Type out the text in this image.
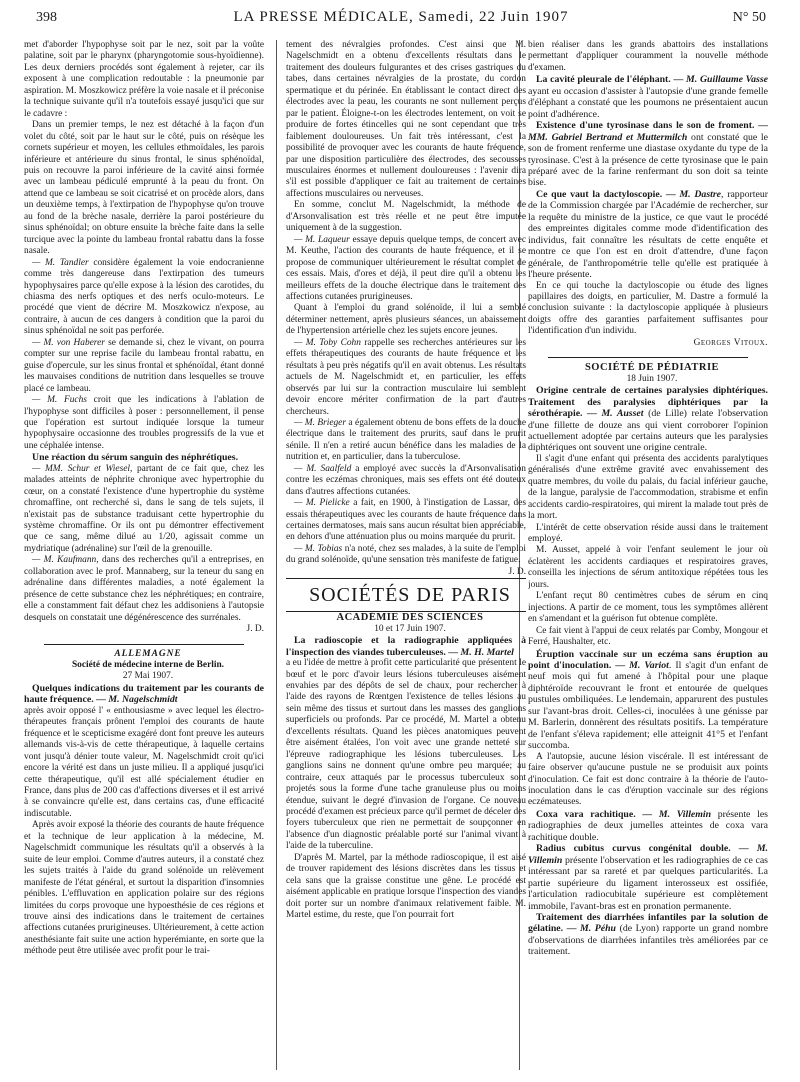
398	LA PRESSE MÉDICALE, Samedi, 22 Juin 1907	N° 50

met d'aborder l'hypophyse soit par le nez, soit par la voûte palatine, soit par le pharynx (pharyngotomie sous-hyoïdienne). Les deux derniers procédés sont également à rejeter, car ils exposent à une complication redoutable : la pneumonie par aspiration. M. Moszkowicz préfère la voie nasale et il préconise la technique suivante qu'il n'a toutefois essayé jusqu'ici que sur le cadavre :

Dans un premier temps, le nez est détaché à la façon d'un volet du côté, soit par le haut sur le côté, puis on résèque les cornets supérieur et moyen, les cellules ethmoïdales, les parois inférieure et antérieure du sinus frontal, le sinus sphénoïdal, puis on recouvre la paroi inférieure de la cavité ainsi formée avec un lambeau pédiculé emprunté à la peau du front. On attend que ce lambeau se soit cicatrisé et on procède alors, dans un deuxième temps, à l'extirpation de l'hypophyse qu'on trouve au fond de la brèche nasale, derrière la paroi postérieure du sinus sphénoïdal; on obture ensuite la brèche faite dans la selle turcique avec la pointe du lambeau frontal rabattu dans la fosse nasale.

— M. Tandler considère également la voie endocranienne comme très dangereuse dans l'extirpation des tumeurs hypophysaires parce qu'elle expose à la lésion des carotides, du chiasma des nerfs optiques et des nerfs oculo-moteurs. Le procédé que vient de décrire M. Moszkowicz n'expose, au contraire, à aucun de ces dangers à condition que la paroi du sinus sphénoïdal ne soit pas perforée.

— M. von Haberer se demande si, chez le vivant, on pourra compter sur une reprise facile du lambeau frontal rabattu, en guise d'opercule, sur les sinus frontal et sphénoïdal, étant donné les mauvaises conditions de nutrition dans lesquelles se trouve placé ce lambeau.

— M. Fuchs croit que les indications à l'ablation de l'hypophyse sont difficiles à poser : personnellement, il pense que l'opération est surtout indiquée lorsque la tumeur hypophysaire occasionne des troubles progressifs de la vue et une céphalée intense.

Une réaction du sérum sanguin des néphrétiques.

— MM. Schur et Wiesel, partant de ce fait que, chez les malades atteints de néphrite chronique avec hypertrophie du cœur, on a constaté l'existence d'une hypertrophie du système chromaffine, ont recherché si, dans le sang de tels sujets, il n'existait pas de substance traduisant cette hypertrophie du système chromaffine. Or ils ont pu démontrer effectivement que ce sang, même dilué au 1/20, agissait comme un mydriatique (adrénaline) sur l'œil de la grenouille.

— M. Kaufmann, dans des recherches qu'il a entreprises, en collaboration avec le prof. Mannaberg, sur la teneur du sang en adrénaline dans différentes maladies, a noté également la présence de cette substance chez les néphrétiques; en contraire, elle a constamment fait défaut chez les addisoniens à l'autopsie desquels on constatait une dégénérescence des surrénales.

J. D.

ALLEMAGNE

Société de médecine interne de Berlin.

27 Mai 1907.

Quelques indications du traitement par les courants de haute fréquence. — M. Nagelschmidt

après avoir opposé l' « enthousiasme » avec lequel les électro-thérapeutes français prônent l'emploi des courants de haute fréquence et le scepticisme exagéré dont font preuve les auteurs allemands vis-à-vis de cette thérapeutique, à laquelle certains vont jusqu'à dénier toute valeur, M. Nagelschmidt croit qu'ici encore la vérité est dans un juste milieu. Il a appliqué jusqu'ici cette thérapeutique, qu'il est allé spécialement étudier en France, dans plus de 200 cas d'affections diverses et il est arrivé à se convaincre qu'elle est, dans certains cas, d'une efficacité indiscutable.

Après avoir exposé la théorie des courants de haute fréquence et la technique de leur application à la médecine, M. Nagelschmidt communique les résultats qu'il a observés à la suite de leur emploi. Comme d'autres auteurs, il a constaté chez les sujets traités à l'aide du grand solénoïde un relèvement manifeste de l'état général, et surtout la disparition d'insomnies pénibles. L'effluvation en application polaire sur des régions limitées du corps provoque une hypoesthésie de ces régions et trouve ainsi des indications dans le traitement de certaines affections cutanées prurigineuses. Ultérieurement, à cette action anesthésiante fait suite une action hyperémiante, en sorte que la méthode peut être utilisée avec profit pour le trai-

tement des névralgies profondes. C'est ainsi que M. Nagelschmidt en a obtenu d'excellents résultats dans le traitement des douleurs fulgurantes et des crises gastriques du tabes, dans certaines névralgies de la prostate, du cordon spermatique et du périnée. En établissant le contact direct des électrodes avec la peau, les courants ne sont nullement perçus par le patient. Éloigne-t-on les électrodes lentement, on voit se produire de fortes étincelles qui ne sont cependant que très faiblement douloureuses. Un fait très intéressant, c'est la possibilité de provoquer avec les courants de haute fréquence, par une disposition particulière des électrodes, des secousses musculaires énormes et nullement douloureuses : l'avenir dira s'il est possible d'appliquer ce fait au traitement de certaines affections musculaires ou nerveuses.

En somme, conclut M. Nagelschmidt, la méthode de d'Arsonvalisation est très réelle et ne peut être imputée uniquement à de la suggestion.

— M. Laqueur essaye depuis quelque temps, de concert avec M. Keuthe, l'action des courants de haute fréquence, et il se propose de communiquer ultérieurement le résultat complet de ces essais. Mais, d'ores et déjà, il peut dire qu'il a obtenu les meilleurs effets de la douche électrique dans le traitement des affections cutanées prurigineuses.

Quant à l'emploi du grand solénoïde, il lui a semblé déterminer nettement, après plusieurs séances, un abaissement de l'hypertension artérielle chez les sujets encore jeunes.

— M. Toby Cohn rappelle ses recherches antérieures sur les effets thérapeutiques des courants de haute fréquence et les résultats à peu près négatifs qu'il en avait obtenus. Les résultats actuels de M. Nagelschmidt et, en particulier, les effets observés par lui sur la contraction musculaire lui semblent devoir encore mériter confirmation de la part d'autres chercheurs.

— M. Brieger a également obtenu de bons effets de la douche électrique dans le traitement des prurits, sauf dans le prurit sénile. Il n'en a retiré aucun bénéfice dans les maladies de la nutrition et, en particulier, dans la tuberculose.

— M. Saalfeld a employé avec succès la d'Arsonvalisation contre les eczémas chroniques, mais ses effets ont été douteux dans d'autres affections cutanées.

— M. Pielicke a fait, en 1900, à l'instigation de Lassar, des essais thérapeutiques avec les courants de haute fréquence dans certaines dermatoses, mais sans aucun résultat bien appréciable, en dehors d'une atténuation plus ou moins marquée du prurit.

— M. Tobias n'a noté, chez ses malades, à la suite de l'emploi du grand solénoïde, qu'une sensation très manifeste de fatigue.

J. D.

SOCIÉTÉS DE PARIS

ACADÉMIE DES SCIENCES

10 et 17 Juin 1907.

La radioscopie et la radiographie appliquées à l'inspection des viandes tuberculeuses. — M. H. Martel

a eu l'idée de mettre à profit cette particularité que présentent le bœuf et le porc d'avoir leurs lésions tuberculeuses aisément envahies par des dépôts de sel de chaux, pour rechercher à l'aide des rayons de Rœntgen l'existence de telles lésions au sein même des tissus et surtout dans les masses des ganglions superficiels ou profonds. Par ce procédé, M. Martel a obtenu d'excellents résultats. Quand les pièces anatomiques peuvent être aisément étalées, l'on voit avec une grande netteté sur l'épreuve radiographique les lésions tuberculeuses. Les ganglions sains ne donnent qu'une ombre peu marquée; au contraire, ceux attaqués par le processus tuberculeux sont projetés sous la forme d'une tache granuleuse plus ou moins étendue, suivant le degré d'invasion de l'organe. Ce nouveau procédé d'examen est précieux parce qu'il permet de déceler des foyers tuberculeux que rien ne permettait de soupçonner en l'absence d'un diagnostic préalable porté sur l'animal vivant à l'aide de la tuberculine.

D'après M. Martel, par la méthode radioscopique, il est aisé de trouver rapidement des lésions discrètes dans les tissus et cela sans que la graisse constitue une gêne. Le procédé est aisément applicable en pratique lorsque l'inspection des viandes doit porter sur un nombre d'animaux relativement faible. M. Martel estime, du reste, que l'on pourrait fort

bien réaliser dans les grands abattoirs des installations permettant d'appliquer couramment la nouvelle méthode d'examen.

La cavité pleurale de l'éléphant. — M. Guillaume Vasse ayant eu occasion d'assister à l'autopsie d'une grande femelle d'éléphant a constaté que les poumons ne présentaient aucun point d'adhérence.

Existence d'une tyrosinase dans le son de froment. — MM. Gabriel Bertrand et Muttermilch ont constaté que le son de froment renferme une diastase oxydante du type de la tyrosinase. C'est à la présence de cette tyrosinase que le pain préparé avec de la farine renfermant du son doit sa teinte bise.

Ce que vaut la dactyloscopie. — M. Dastre, rapporteur de la Commission chargée par l'Académie de rechercher, sur la requête du ministre de la justice, ce que vaut le procédé des empreintes digitales comme mode d'identification des individus, fait connaître les résultats de cette enquête et montre ce que l'on est en droit d'attendre, d'une façon générale, de l'anthropométrie telle qu'elle est pratiquée à l'heure présente.

En ce qui touche la dactyloscopie ou étude des lignes papillaires des doigts, en particulier, M. Dastre a formulé la conclusion suivante : la dactyloscopie appliquée à plusieurs doigts offre des garanties parfaitement suffisantes pour l'identification d'un individu.

Georges Vitoux.

SOCIÉTÉ DE PÉDIATRIE

18 Juin 1907.

Origine centrale de certaines paralysies diphtériques. Traitement des paralysies diphtériques par la sérothérapie. — M. Ausset (de Lille) relate l'observation d'une fillette de douze ans qui vient corroborer l'opinion actuellement adoptée par certains auteurs que les paralysies diphtériques ont souvent une origine centrale.

Il s'agit d'une enfant qui présenta des accidents paralytiques généralisés d'une extrême gravité avec envahissement des quatre membres, du voile du palais, du facial inférieur gauche, de la langue, paralysie de l'accommodation, strabisme et enfin accidents cardio-respiratoires, qui mirent la malade tout près de la mort.

L'intérêt de cette observation réside aussi dans le traitement employé.

M. Ausset, appelé à voir l'enfant seulement le jour où éclatèrent les accidents cardiaques et respiratoires graves, conseilla les injections de sérum antitoxique répétées tous les jours.

L'enfant reçut 80 centimètres cubes de sérum en cinq injections. A partir de ce moment, tous les symptômes allèrent en s'amendant et la guérison fut obtenue complète.

Ce fait vient à l'appui de ceux relatés par Comby, Mongour et Ferré, Haushalter, etc.

Éruption vaccinale sur un eczéma sans éruption au point d'inoculation. — M. Variot. Il s'agit d'un enfant de neuf mois qui fut amené à l'hôpital pour une plaque diphtéroïde recouvrant le front et entourée de quelques pustules ombiliquées. Le lendemain, apparurent des pustules sur l'avant-bras droit. Celles-ci, inoculées à une génisse par M. Barlerin, donnèrent des résultats positifs. La température de l'enfant s'éleva rapidement; elle atteignit 41°5 et l'enfant succomba.

A l'autopsie, aucune lésion viscérale. Il est intéressant de faire observer qu'aucune pustule ne se produisit aux points d'inoculation. Ce fait est donc contraire à la théorie de l'auto-inoculation dans le cas d'éruption vaccinale sur des régions eczémateuses.

Coxa vara rachitique. — M. Villemin présente les radiographies de deux jumelles atteintes de coxa vara rachitique double.

Radius cubitus curvus congénital double. — M. Villemin présente l'observation et les radiographies de ce cas intéressant par sa rareté et par quelques particularités. La partie supérieure du ligament interosseux est ossifiée, l'articulation radiocubitale supérieure est complètement immobile, l'avant-bras est en pronation permanente.

Traitement des diarrhées infantiles par la solution de gélatine. — M. Péhu (de Lyon) rapporte un grand nombre d'observations de diarrhées infantiles très améliorées par ce traitement.
